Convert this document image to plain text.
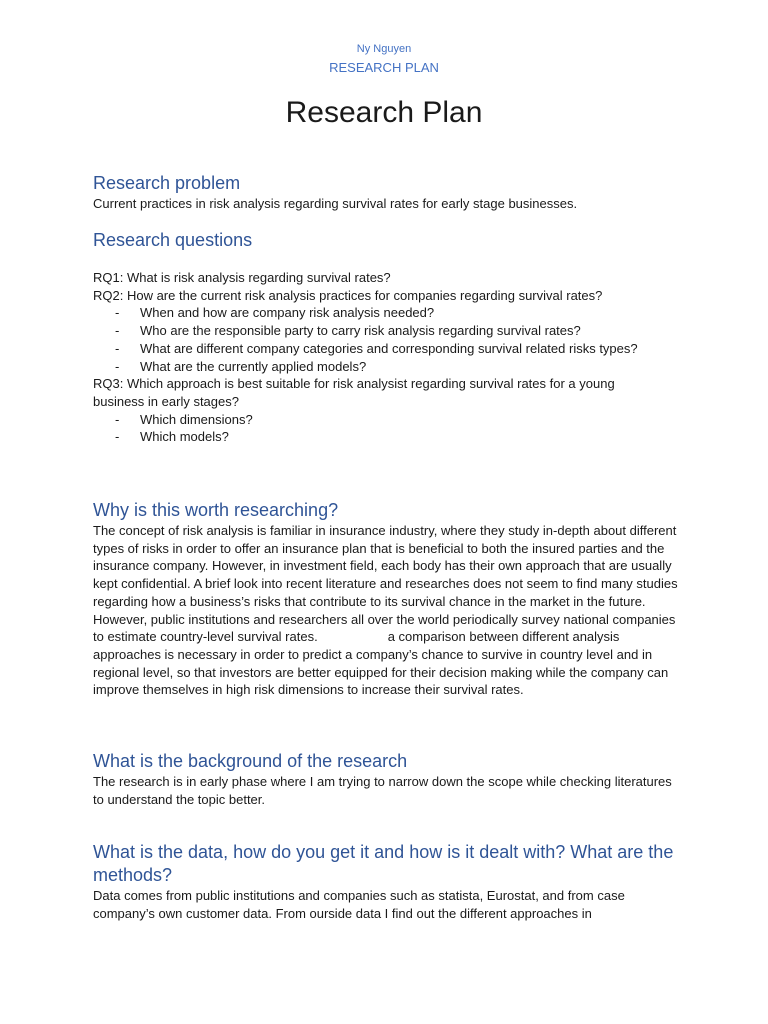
Ny Nguyen
RESEARCH PLAN
Research Plan
Research problem

Current practices in risk analysis regarding survival rates for early stage businesses.

Research questions

RQ1: What is risk analysis regarding survival rates?

RQ2: How are the current risk analysis practices for companies regarding survival rates?

- When and how are company risk analysis needed?
- Who are the responsible party to carry risk analysis regarding survival rates?
- What are different company categories and corresponding survival related risks types?
- What are the currently applied models?

RQ3: Which approach is best suitable for risk analysist regarding survival rates for a young business in early stages?

- Which dimensions?
- Which models?
Why is this worth researching?

The concept of risk analysis is familiar in insurance industry, where they study in-depth about different types of risks in order to offer an insurance plan that is beneficial to both the insured parties and the insurance company. However, in investment field, each body has their own approach that are usually kept confidential. A brief look into recent literature and researches does not seem to find many studies regarding how a business’s risks that contribute to its survival chance in the market in the future. However, public institutions and researchers all over the world periodically survey national companies to estimate country-level survival rates.	a comparison between different analysis approaches is necessary in order to predict a company’s chance to survive in country level and in regional level, so that investors are better equipped for their decision making while the company can improve themselves in high risk dimensions to increase their survival rates.

What is the background of the research

The research is in early phase where I am trying to narrow down the scope while checking literatures to understand the topic better.

What is the data, how do you get it and how is it dealt with? What are the methods?

Data comes from public institutions and companies such as statista, Eurostat, and from case company’s own customer data. From ourside data I find out the different approaches in
